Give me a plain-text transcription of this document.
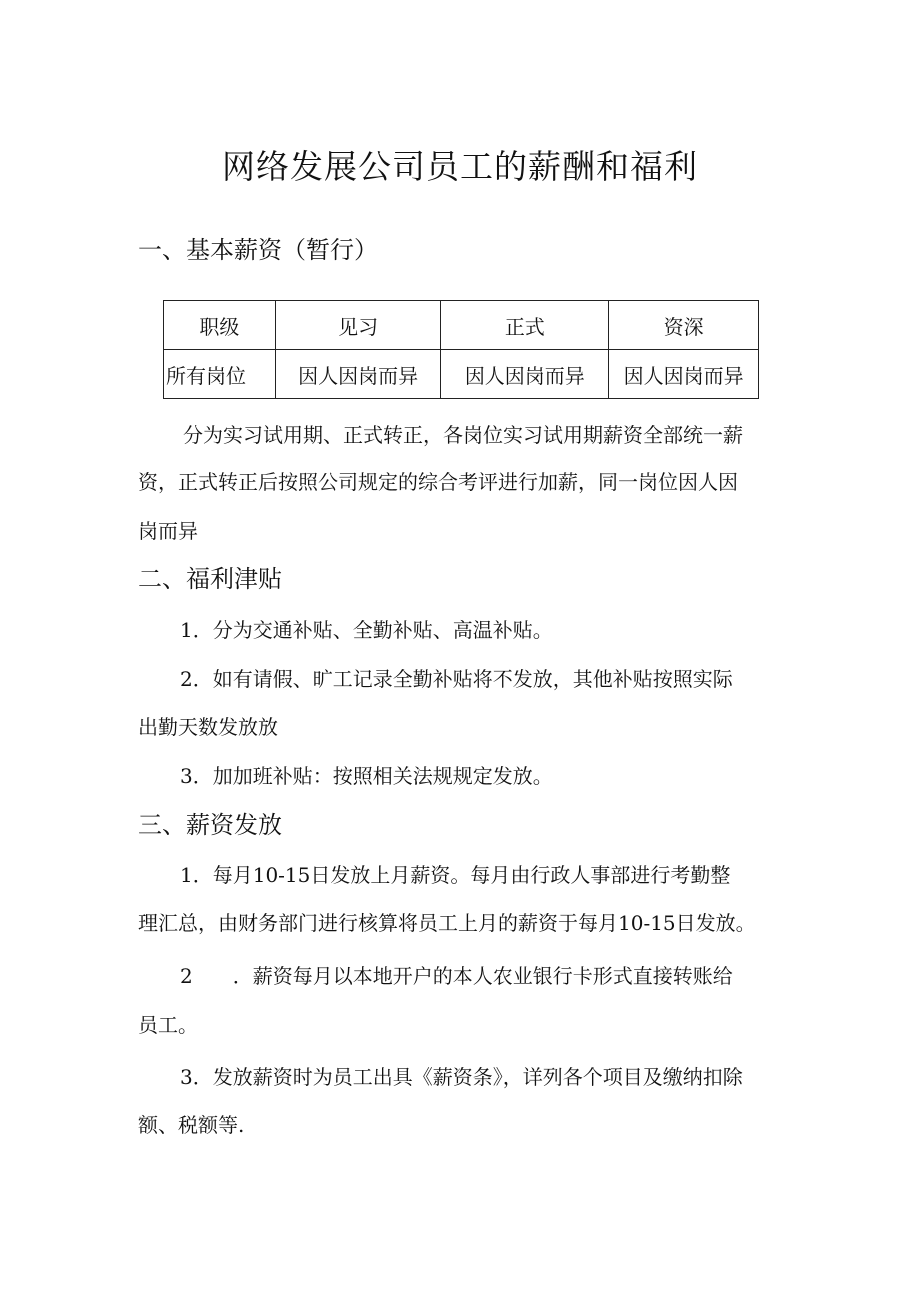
网络发展公司员工的薪酬和福利
一、基本薪资（暂行）
职级	见习	正式	资深
所有岗位	因人因岗而异	因人因岗而异	因人因岗而异
分为实习试用期、正式转正，各岗位实习试用期薪资全部统一薪
资，正式转正后按照公司规定的综合考评进行加薪，同一岗位因人因
岗而异
二、福利津贴
1．分为交通补贴、全勤补贴、高温补贴。
2．如有请假、旷工记录全勤补贴将不发放，其他补贴按照实际
出勤天数发放放
3．加加班补贴：按照相关法规规定发放。
三、薪资发放
1．每月10-15日发放上月薪资。每月由行政人事部进行考勤整
理汇总，由财务部门进行核算将员工上月的薪资于每月10-15日发放。
2　　．薪资每月以本地开户的本人农业银行卡形式直接转账给
员工。
3．发放薪资时为员工出具《薪资条》，详列各个项目及缴纳扣除
额、税额等.
